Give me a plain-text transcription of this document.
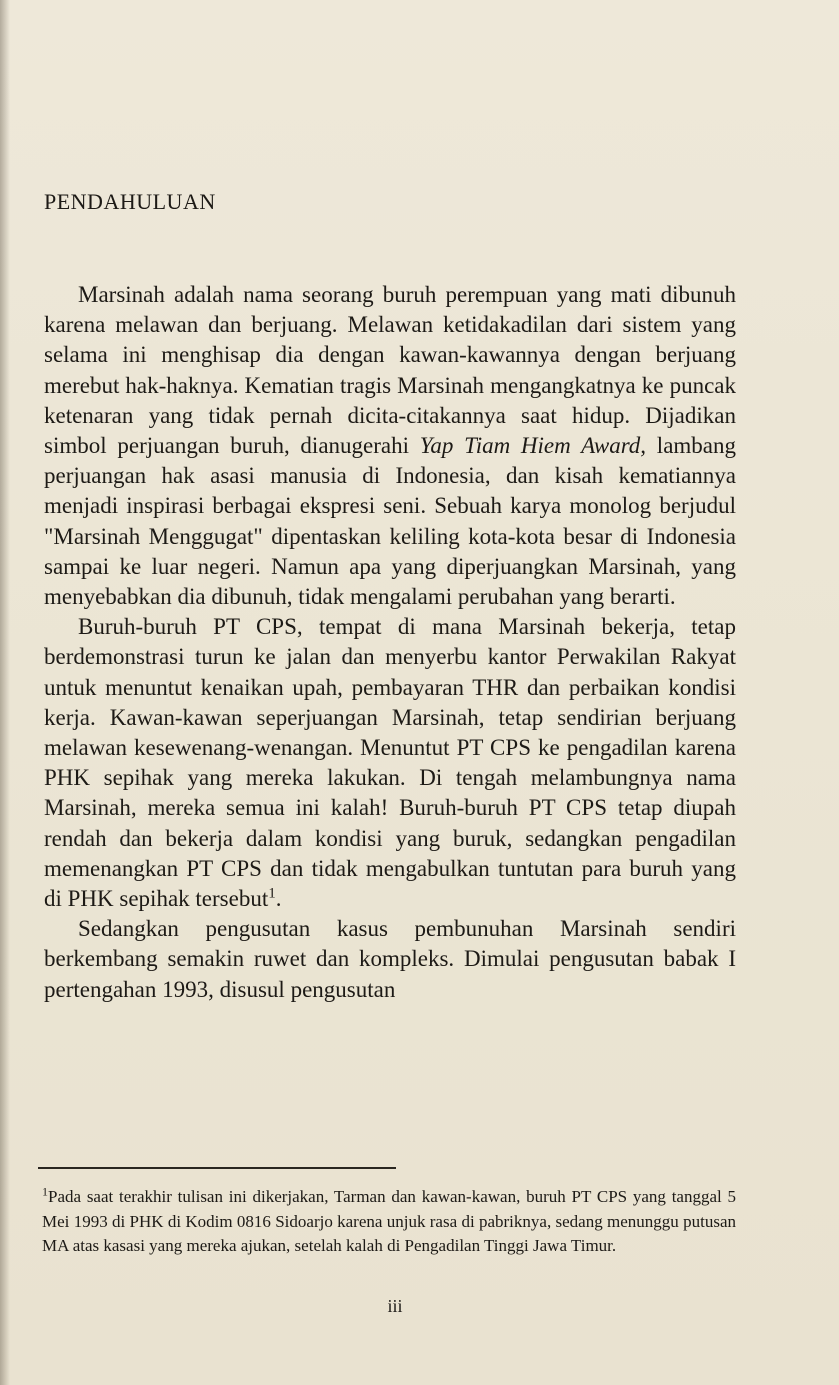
PENDAHULUAN

Marsinah adalah nama seorang buruh perempuan yang mati dibunuh karena melawan dan berjuang. Melawan ketidakadilan dari sistem yang selama ini menghisap dia dengan kawan-kawannya dengan berjuang merebut hak-haknya. Kematian tragis Marsinah mengangkatnya ke puncak ketenaran yang tidak pernah dicita-citakannya saat hidup. Dijadikan simbol perjuangan buruh, dianugerahi Yap Tiam Hiem Award, lambang perjuangan hak asasi manusia di Indonesia, dan kisah kematiannya menjadi inspirasi berbagai ekspresi seni. Sebuah karya monolog berjudul "Marsinah Menggugat" dipentaskan keliling kota-kota besar di Indonesia sampai ke luar negeri. Namun apa yang diperjuangkan Marsinah, yang menyebabkan dia dibunuh, tidak mengalami perubahan yang berarti.

Buruh-buruh PT CPS, tempat di mana Marsinah bekerja, tetap berdemonstrasi turun ke jalan dan menyerbu kantor Perwakilan Rakyat untuk menuntut kenaikan upah, pembayaran THR dan perbaikan kondisi kerja. Kawan-kawan seperjuangan Marsinah, tetap sendirian berjuang melawan kesewenang-wenangan. Menuntut PT CPS ke pengadilan karena PHK sepihak yang mereka lakukan. Di tengah melambungnya nama Marsinah, mereka semua ini kalah! Buruh-buruh PT CPS tetap diupah rendah dan bekerja dalam kondisi yang buruk, sedangkan pengadilan memenangkan PT CPS dan tidak mengabulkan tuntutan para buruh yang di PHK sepihak tersebut$^1$.

Sedangkan pengusutan kasus pembunuhan Marsinah sendiri berkembang semakin ruwet dan kompleks. Dimulai pengusutan babak I pertengahan 1993, disusul pengusutan

$^1$Pada saat terakhir tulisan ini dikerjakan, Tarman dan kawan-kawan, buruh PT CPS yang tanggal 5 Mei 1993 di PHK di Kodim 0816 Sidoarjo karena unjuk rasa di pabriknya, sedang menunggu putusan MA atas kasasi yang mereka ajukan, setelah kalah di Pengadilan Tinggi Jawa Timur.

iii
